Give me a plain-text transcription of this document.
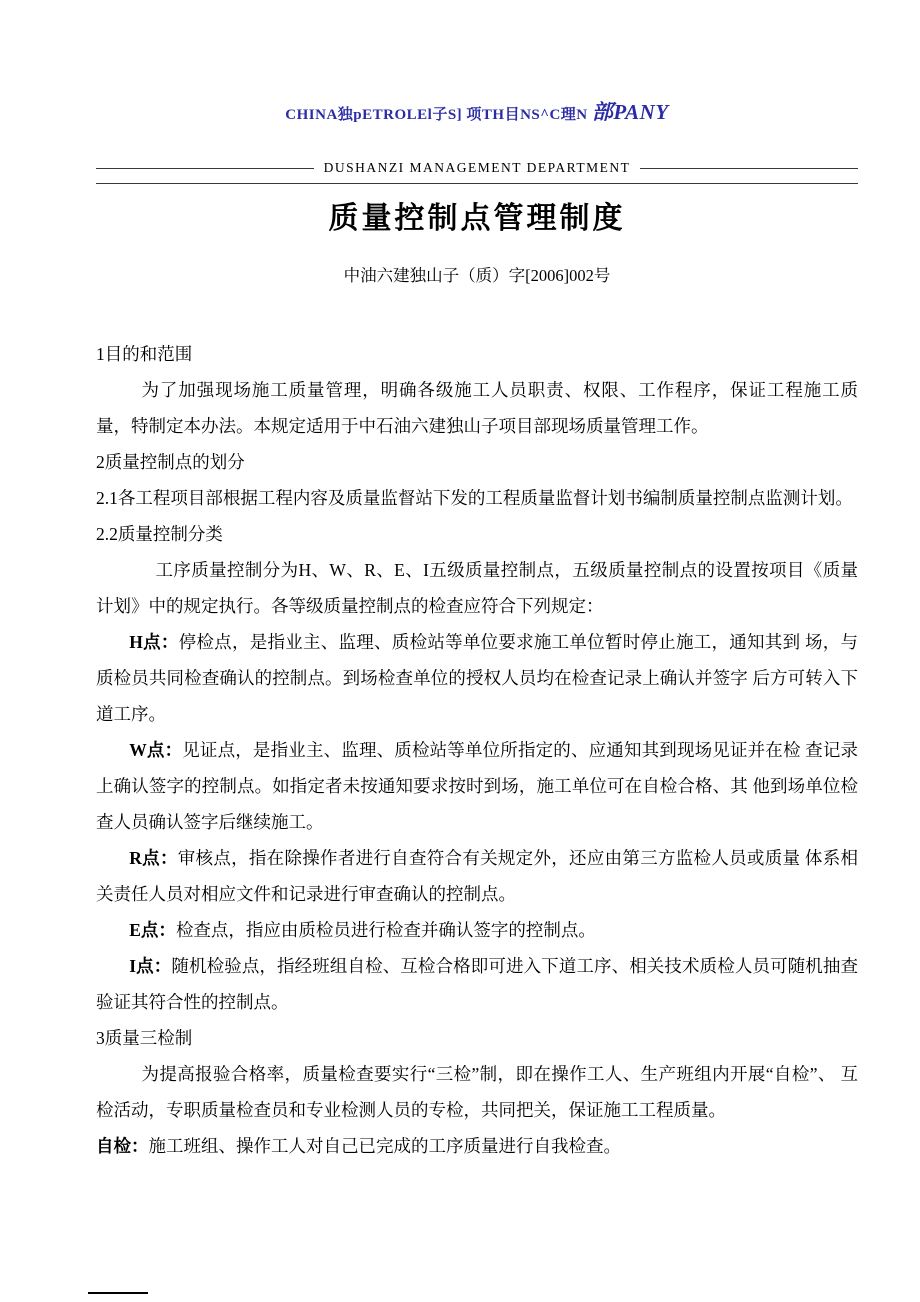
CHINA独pETROLEl子S] 项TH目NS^C理N 部PANY
DUSHANZI MANAGEMENT DEPARTMENT
质量控制点管理制度
中油六建独山子（质）字[2006]002号

1目的和范围

为了加强现场施工质量管理，明确各级施工人员职责、权限、工作程序，保证工程施工质量，特制定本办法。本规定适用于中石油六建独山子项目部现场质量管理工作。

2质量控制点的划分

2.1各工程项目部根据工程内容及质量监督站下发的工程质量监督计划书编制质量控制点监测计划。

2.2质量控制分类

工序质量控制分为H、W、R、E、I五级质量控制点，五级质量控制点的设置按项目《质量计划》中的规定执行。各等级质量控制点的检查应符合下列规定：

H点：停检点，是指业主、监理、质检站等单位要求施工单位暂时停止施工，通知其到 场，与质检员共同检查确认的控制点。到场检查单位的授权人员均在检查记录上确认并签字 后方可转入下道工序。

W点：见证点，是指业主、监理、质检站等单位所指定的、应通知其到现场见证并在检 查记录上确认签字的控制点。如指定者未按通知要求按时到场，施工单位可在自检合格、其 他到场单位检查人员确认签字后继续施工。

R点：审核点，指在除操作者进行自查符合有关规定外，还应由第三方监检人员或质量 体系相关责任人员对相应文件和记录进行审查确认的控制点。

E点：检查点，指应由质检员进行检查并确认签字的控制点。

I点：随机检验点，指经班组自检、互检合格即可进入下道工序、相关技术质检人员可随机抽查验证其符合性的控制点。

3质量三检制

为提高报验合格率，质量检查要实行“三检”制，即在操作工人、生产班组内开展“自检”、 互检活动，专职质量检查员和专业检测人员的专检，共同把关，保证施工工程质量。

自检：施工班组、操作工人对自己已完成的工序质量进行自我检查。
